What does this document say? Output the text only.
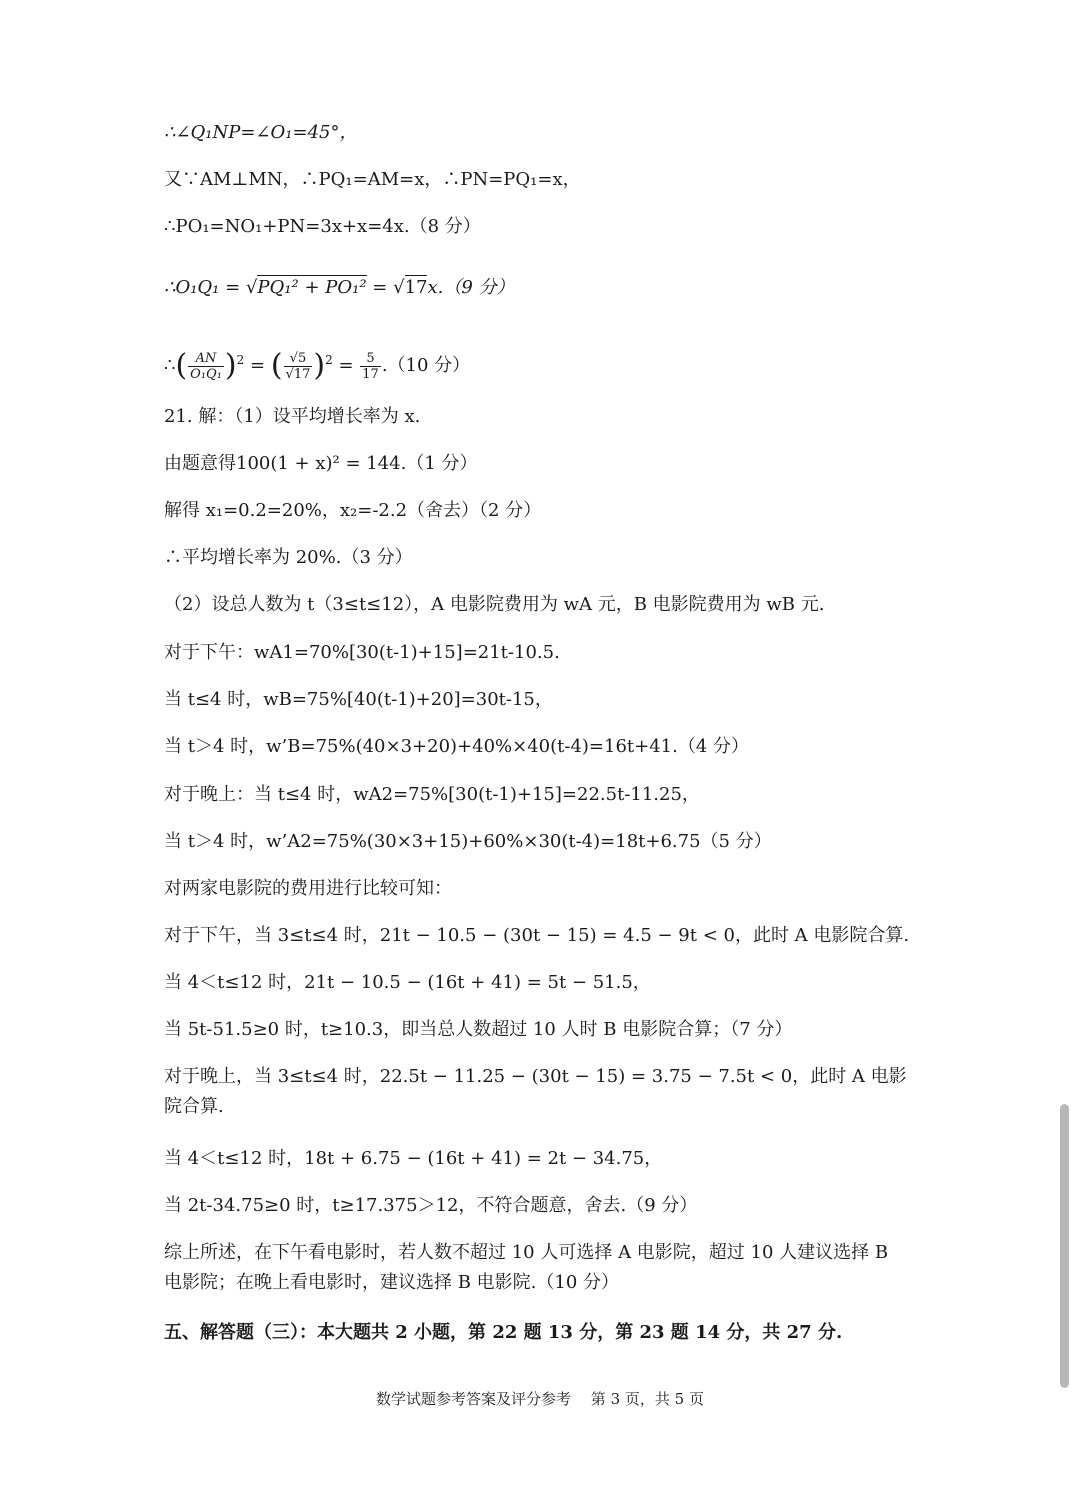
∴∠Q₁NP=∠O₁=45°，
又∵AM⊥MN，∴PQ₁=AM=x，∴PN=PQ₁=x，
∴PO₁=NO₁+PN=3x+x=4x.（8 分）
∴O₁Q₁ = √PQ₁² + PO₁² = √17x.（9 分）
∴( $\frac{AN}{\text{O₁Q₁}} )^2$ = ( $\frac{√5}{√17} )^2 = \frac{5}{17} .(10$ 分）
21. 解：（1）设平均增长率为 x.
由题意得100(1 + x)² = 144.（1 分）
解得 x₁=0.2=20%，x₂=-2.2（舍去）（2 分）
∴平均增长率为 20%.（3 分）
（2）设总人数为 t（3≤t≤12），A 电影院费用为 wA 元，B 电影院费用为 wB 元.
对于下午：wA1=70%[30(t-1)+15]=21t-10.5.
当 t≤4 时，wB=75%[40(t-1)+20]=30t-15，
当 t＞4 时，w’B=75%(40×3+20)+40%×40(t-4)=16t+41.（4 分）
对于晚上：当 t≤4 时，wA2=75%[30(t-1)+15]=22.5t-11.25，
当 t＞4 时，w’A2=75%(30×3+15)+60%×30(t-4)=18t+6.75（5 分）
对两家电影院的费用进行比较可知：
对于下午，当 3≤t≤4 时，21t − 10.5 − (30t − 15) = 4.5 − 9t < 0，此时 A 电影院合算.
当 4＜t≤12 时，21t − 10.5 − (16t + 41) = 5t − 51.5，
当 5t-51.5≥0 时，t≥10.3，即当总人数超过 10 人时 B 电影院合算；（7 分）
对于晚上，当 3≤t≤4 时，22.5t − 11.25 − (30t − 15) = 3.75 − 7.5t < 0，此时 A 电影院合算.
当 4＜t≤12 时，18t + 6.75 − (16t + 41) = 2t − 34.75，
当 2t-34.75≥0 时，t≥17.375＞12，不符合题意，舍去.（9 分）
综上所述，在下午看电影时，若人数不超过 10 人可选择 A 电影院，超过 10 人建议选择 B 电影院；在晚上看电影时，建议选择 B 电影院.（10 分）
五、解答题（三）：本大题共 2 小题，第 22 题 13 分，第 23 题 14 分，共 27 分.
数学试题参考答案及评分参考　 第 3 页，共 5 页
